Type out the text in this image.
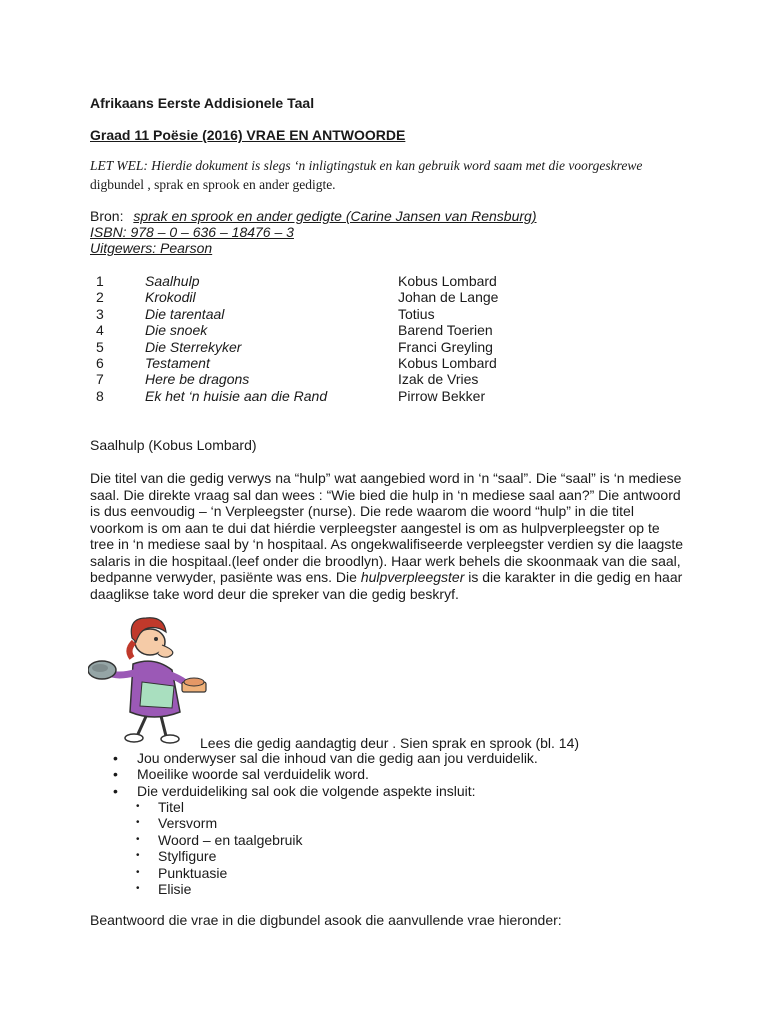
Afrikaans Eerste Addisionele Taal
Graad 11 Poësie (2016) VRAE EN ANTWOORDE
LET WEL: Hierdie dokument is slegs ‘n inligtingstuk en kan gebruik word saam met die voorgeskrewe
digbundel , sprak en sprook en ander gedigte.
Bron: sprak en sprook en ander gedigte (Carine Jansen van Rensburg)
ISBN: 978 – 0 – 636 – 18476 – 3
Uitgewers: Pearson
1	Saalhulp	Kobus Lombard
2	Krokodil	Johan de Lange
3	Die tarentaal	Totius
4	Die snoek	Barend Toerien
5	Die Sterrekyker	Franci Greyling
6	Testament	Kobus Lombard
7	Here be dragons	Izak de Vries
8	Ek het ‘n huisie aan die Rand	Pirrow Bekker
Saalhulp (Kobus Lombard)

Die titel van die gedig verwys na “hulp” wat aangebied word in ‘n “saal”. Die “saal” is ‘n mediese

saal. Die direkte vraag sal dan wees : “Wie bied die hulp in ‘n mediese saal aan?” Die antwoord

is dus eenvoudig – ‘n Verpleegster (nurse). Die rede waarom die woord “hulp” in die titel

voorkom is om aan te dui dat hiérdie verpleegster aangestel is om as hulpverpleegster op te

tree in ‘n mediese saal by ‘n hospitaal. As ongekwalifiseerde verpleegster verdien sy die laagste

salaris in die hospitaal.(leef onder die broodlyn). Haar werk behels die skoonmaak van die saal,

bedpanne verwyder, pasiënte was ens. Die hulpverpleegster is die karakter in die gedig en haar

daaglikse take word deur die spreker van die gedig beskryf.

Lees die gedig aandagtig deur . Sien sprak en sprook (bl. 14)
• Jou onderwyser sal die inhoud van die gedig aan jou verduidelik.
• Moeilike woorde sal verduidelik word.
• Die verduideliking sal ook die volgende aspekte insluit:
• Titel
• Versvorm
• Woord – en taalgebruik
• Stylfigure
• Punktuasie
• Elisie
Beantwoord die vrae in die digbundel asook die aanvullende vrae hieronder:
